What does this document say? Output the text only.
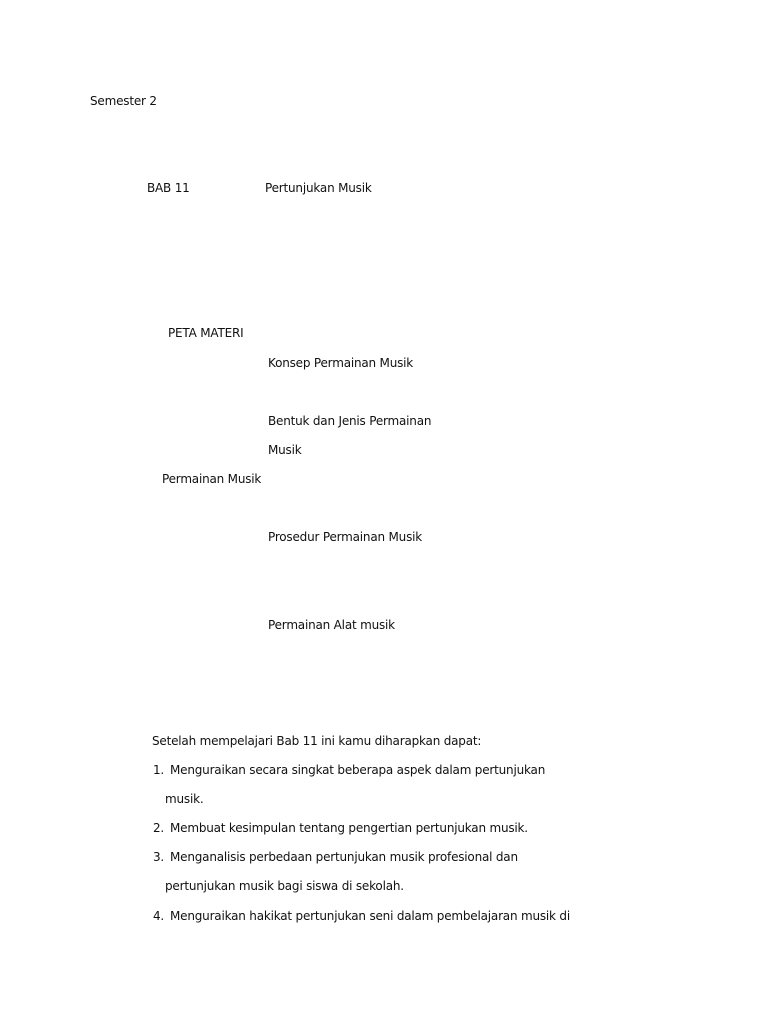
Semester 2
BAB 11	Pertunjukan Musik
PETA MATERI
Konsep Permainan Musik
Bentuk dan Jenis Permainan
Musik
Permainan Musik
Prosedur Permainan Musik
Permainan Alat musik
Setelah mempelajari Bab 11 ini kamu diharapkan dapat:
1. Menguraikan secara singkat beberapa aspek dalam pertunjukan
musik.
2. Membuat kesimpulan tentang pengertian pertunjukan musik.
3. Menganalisis perbedaan pertunjukan musik profesional dan
pertunjukan musik bagi siswa di sekolah.
4. Menguraikan hakikat pertunjukan seni dalam pembelajaran musik di
